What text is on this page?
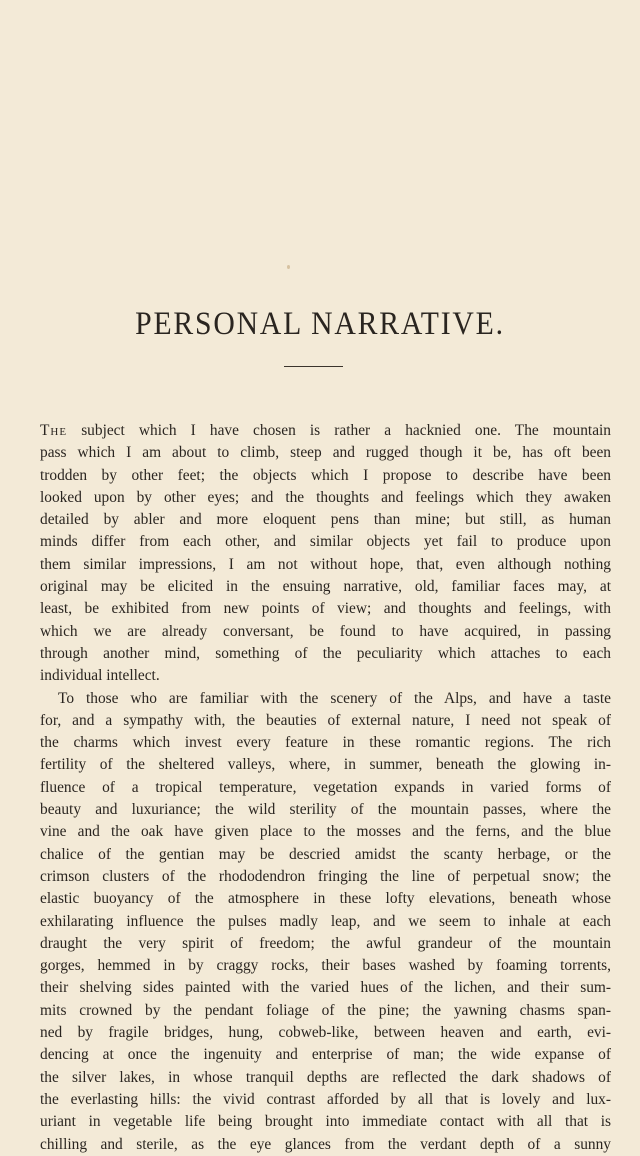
PERSONAL NARRATIVE.
The subject which I have chosen is rather a hacknied one. The mountain
pass which I am about to climb, steep and rugged though it be, has oft been
trodden by other feet; the objects which I propose to describe have been
looked upon by other eyes; and the thoughts and feelings which they awaken
detailed by abler and more eloquent pens than mine; but still, as human
minds differ from each other, and similar objects yet fail to produce upon
them similar impressions, I am not without hope, that, even although nothing
original may be elicited in the ensuing narrative, old, familiar faces may, at
least, be exhibited from new points of view; and thoughts and feelings, with
which we are already conversant, be found to have acquired, in passing
through another mind, something of the peculiarity which attaches to each
individual intellect.
To those who are familiar with the scenery of the Alps, and have a taste
for, and a sympathy with, the beauties of external nature, I need not speak of
the charms which invest every feature in these romantic regions. The rich
fertility of the sheltered valleys, where, in summer, beneath the glowing in-
fluence of a tropical temperature, vegetation expands in varied forms of
beauty and luxuriance; the wild sterility of the mountain passes, where the
vine and the oak have given place to the mosses and the ferns, and the blue
chalice of the gentian may be descried amidst the scanty herbage, or the
crimson clusters of the rhododendron fringing the line of perpetual snow; the
elastic buoyancy of the atmosphere in these lofty elevations, beneath whose
exhilarating influence the pulses madly leap, and we seem to inhale at each
draught the very spirit of freedom; the awful grandeur of the mountain
gorges, hemmed in by craggy rocks, their bases washed by foaming torrents,
their shelving sides painted with the varied hues of the lichen, and their sum-
mits crowned by the pendant foliage of the pine; the yawning chasms span-
ned by fragile bridges, hung, cobweb-like, between heaven and earth, evi-
dencing at once the ingenuity and enterprise of man; the wide expanse of
the silver lakes, in whose tranquil depths are reflected the dark shadows of
the everlasting hills: the vivid contrast afforded by all that is lovely and lux-
uriant in vegetable life being brought into immediate contact with all that is
chilling and sterile, as the eye glances from the verdant depth of a sunny
